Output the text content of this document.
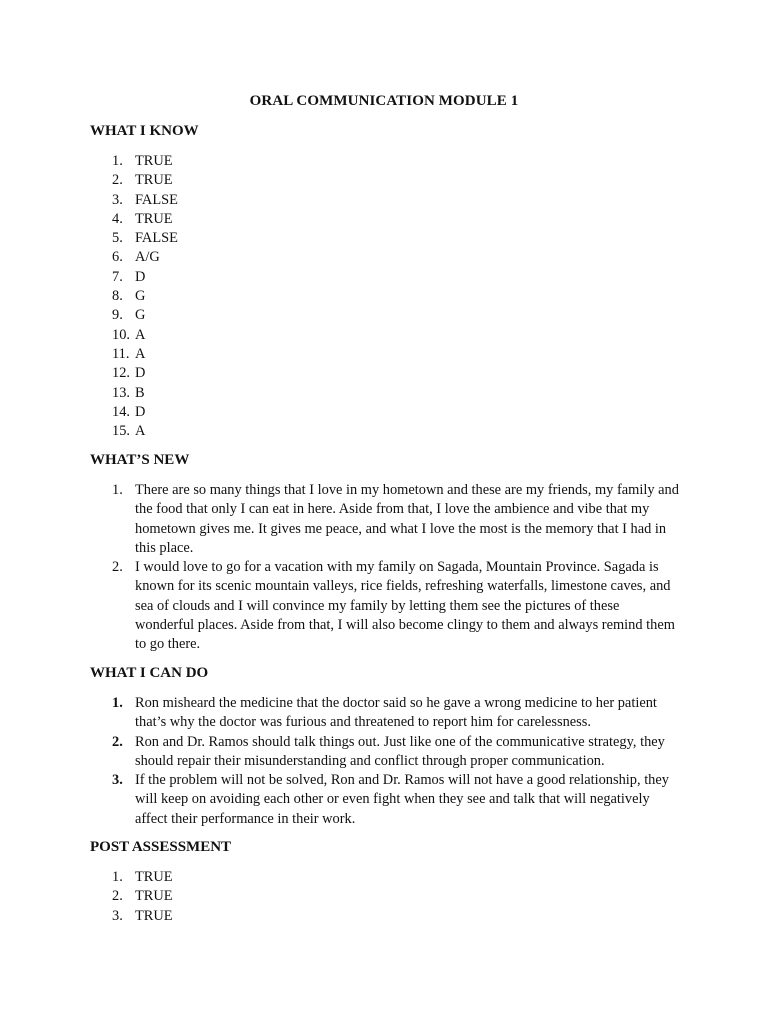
ORAL COMMUNICATION MODULE 1
WHAT I KNOW
1. TRUE
2. TRUE
3. FALSE
4. TRUE
5. FALSE
6. A/G
7. D
8. G
9. G
10. A
11. A
12. D
13. B
14. D
15. A
WHAT’S NEW
1. There are so many things that I love in my hometown and these are my friends, my family and the food that only I can eat in here. Aside from that, I love the ambience and vibe that my hometown gives me. It gives me peace, and what I love the most is the memory that I had in this place.
2. I would love to go for a vacation with my family on Sagada, Mountain Province. Sagada is known for its scenic mountain valleys, rice fields, refreshing waterfalls, limestone caves, and sea of clouds and I will convince my family by letting them see the pictures of these wonderful places. Aside from that, I will also become clingy to them and always remind them to go there.
WHAT I CAN DO
1. Ron misheard the medicine that the doctor said so he gave a wrong medicine to her patient that’s why the doctor was furious and threatened to report him for carelessness.
2. Ron and Dr. Ramos should talk things out. Just like one of the communicative strategy, they should repair their misunderstanding and conflict through proper communication.
3. If the problem will not be solved, Ron and Dr. Ramos will not have a good relationship, they will keep on avoiding each other or even fight when they see and talk that will negatively affect their performance in their work.
POST ASSESSMENT
1. TRUE
2. TRUE
3. TRUE
